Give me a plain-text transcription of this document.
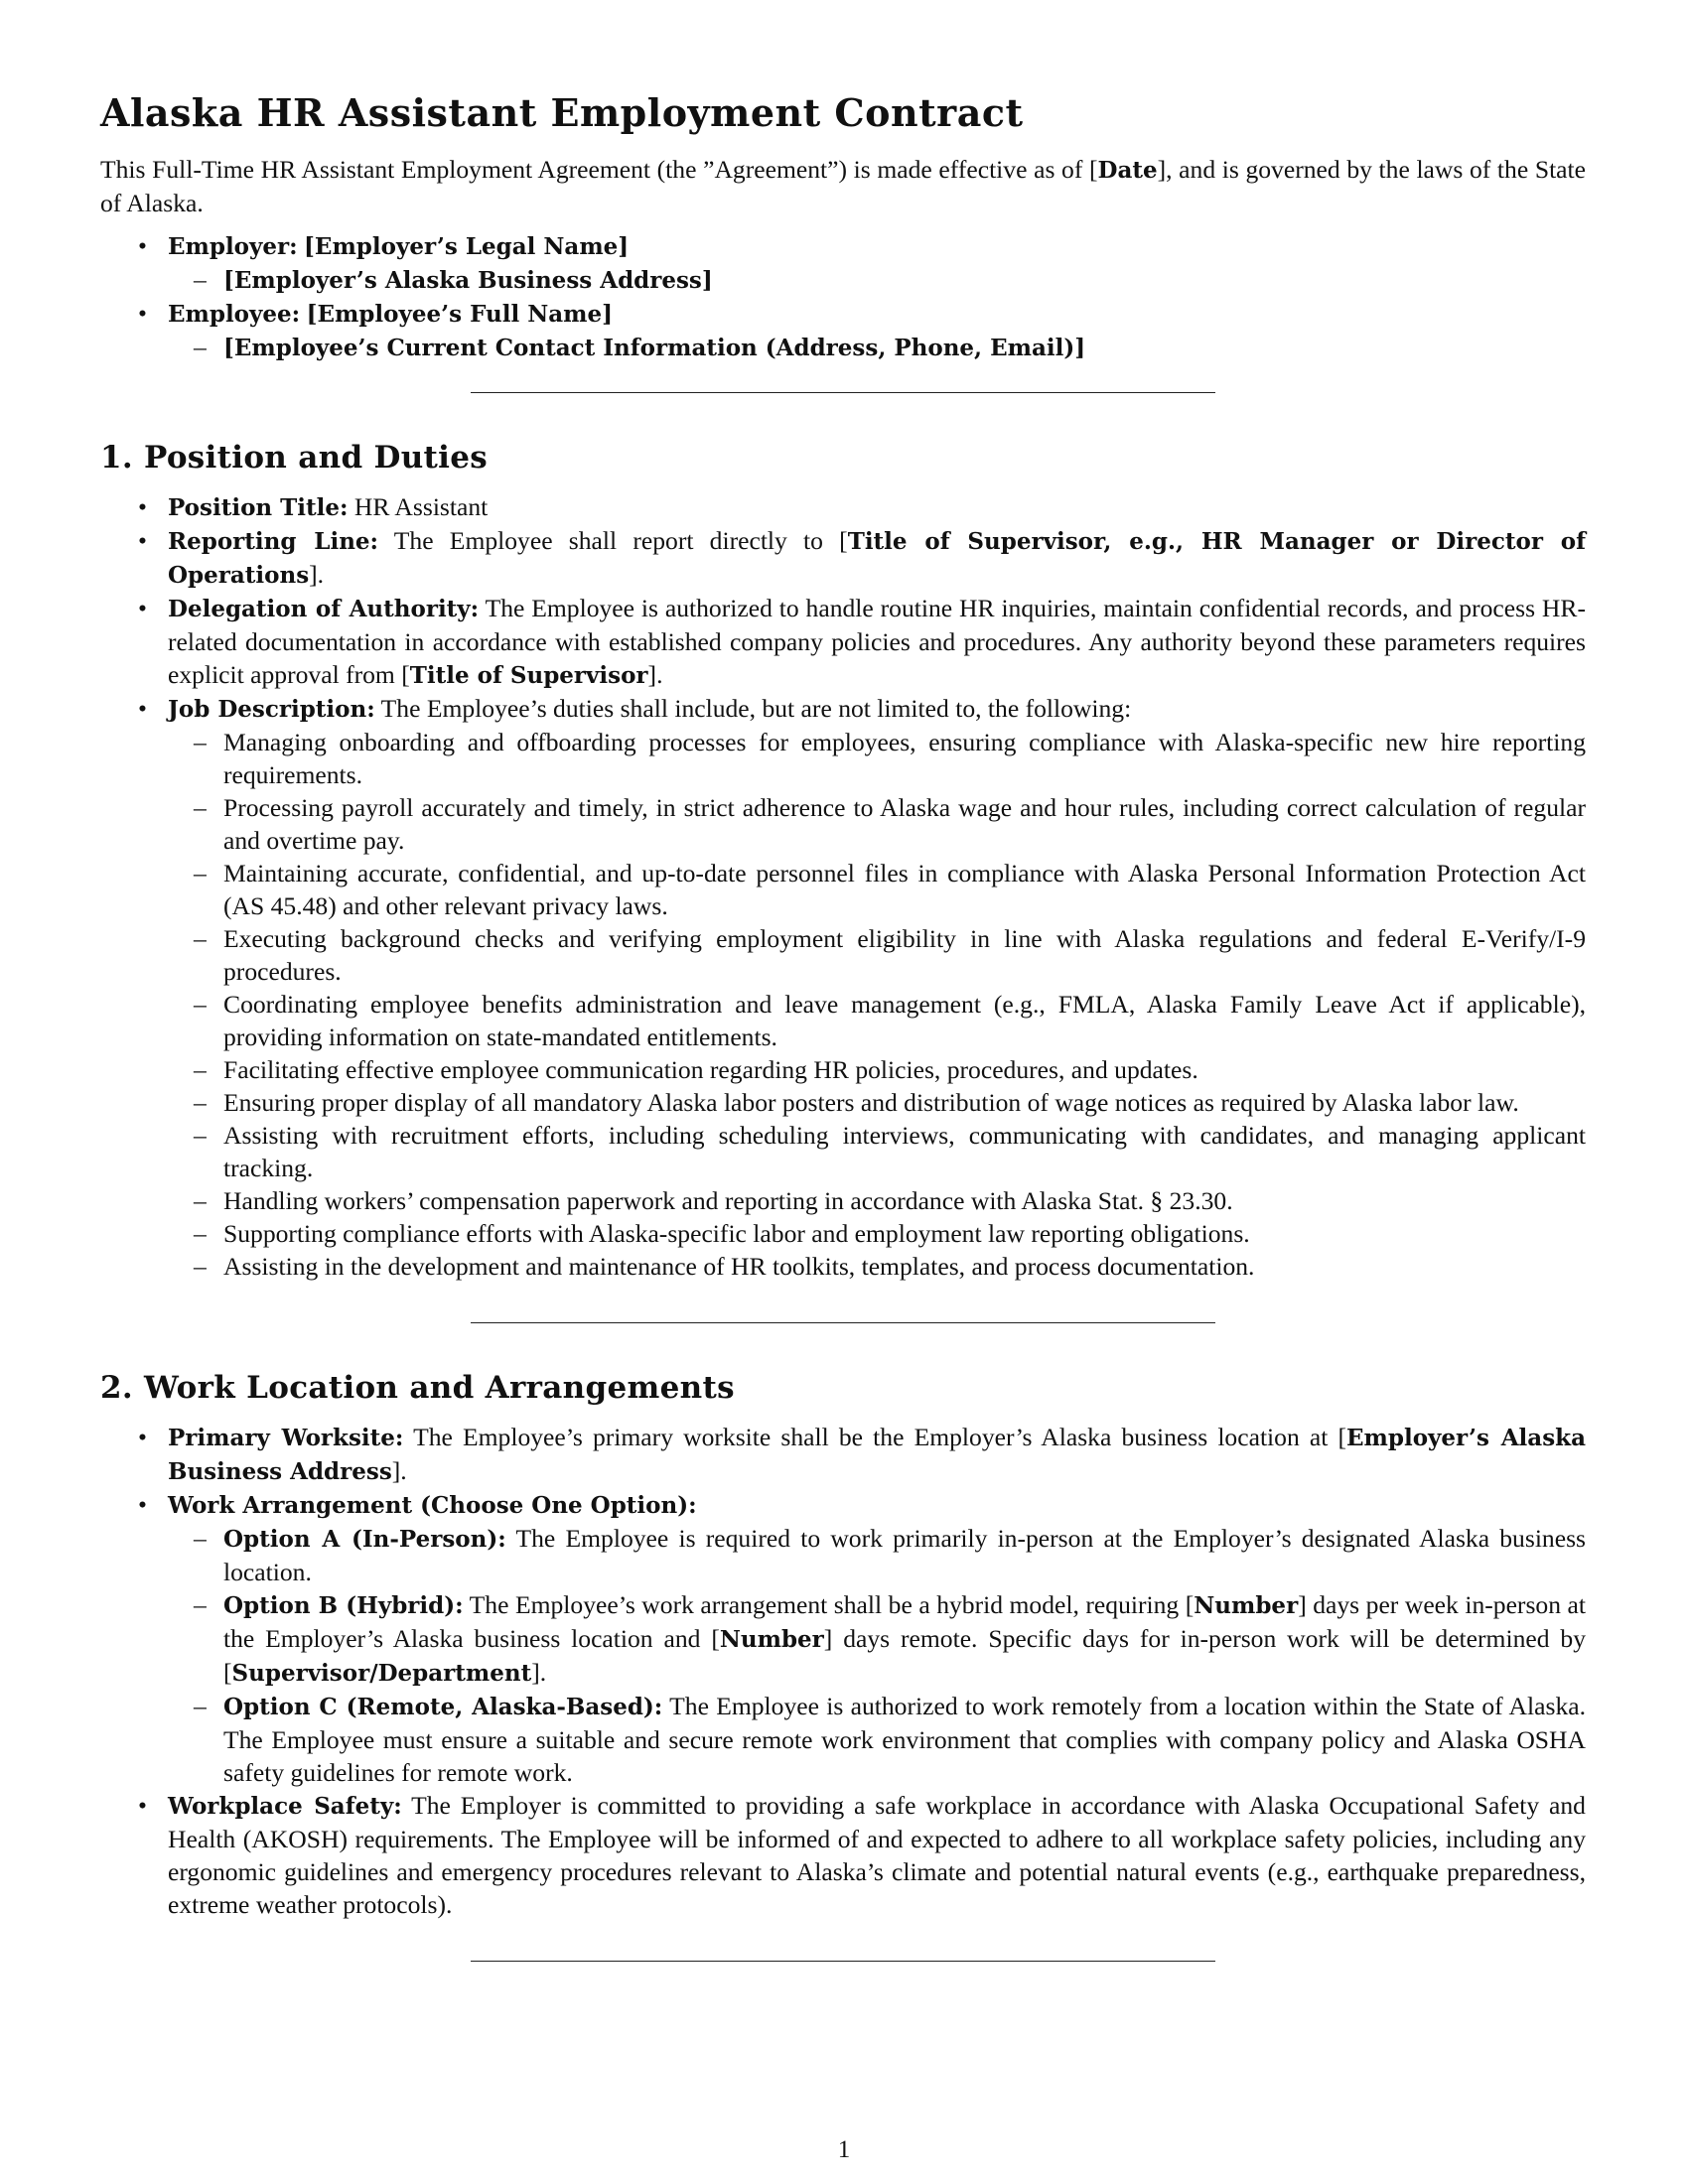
Alaska HR Assistant Employment Contract

This Full-Time HR Assistant Employment Agreement (the ”Agreement”) is made effective as of [Date], and is governed by the laws of the State of Alaska.

• Employer: [Employer’s Legal Name]
– [Employer’s Alaska Business Address]
• Employee: [Employee’s Full Name]
– [Employee’s Current Contact Information (Address, Phone, Email)]
1. Position and Duties
• Position Title: HR Assistant
• Reporting Line: The Employee shall report directly to [Title of Supervisor, e.g., HR Manager or Director of Operations].
• Delegation of Authority: The Employee is authorized to handle routine HR inquiries, maintain confidential records, and process HR-related documentation in accordance with established company policies and procedures. Any authority beyond these parameters requires explicit approval from [Title of Supervisor].
• Job Description: The Employee’s duties shall include, but are not limited to, the following:
– Managing onboarding and offboarding processes for employees, ensuring compliance with Alaska-specific new hire reporting requirements.
– Processing payroll accurately and timely, in strict adherence to Alaska wage and hour rules, including correct calculation of regular and overtime pay.
– Maintaining accurate, confidential, and up-to-date personnel files in compliance with Alaska Personal Information Protection Act (AS 45.48) and other relevant privacy laws.
– Executing background checks and verifying employment eligibility in line with Alaska regulations and federal E-Verify/I-9 procedures.
– Coordinating employee benefits administration and leave management (e.g., FMLA, Alaska Family Leave Act if applicable), providing information on state-mandated entitlements.
– Facilitating effective employee communication regarding HR policies, procedures, and updates.
– Ensuring proper display of all mandatory Alaska labor posters and distribution of wage notices as required by Alaska labor law.
– Assisting with recruitment efforts, including scheduling interviews, communicating with candidates, and managing applicant tracking.
– Handling workers’ compensation paperwork and reporting in accordance with Alaska Stat. § 23.30.
– Supporting compliance efforts with Alaska-specific labor and employment law reporting obligations.
– Assisting in the development and maintenance of HR toolkits, templates, and process documentation.
2. Work Location and Arrangements
• Primary Worksite: The Employee’s primary worksite shall be the Employer’s Alaska business location at [Employer’s Alaska Business Address].
• Work Arrangement (Choose One Option):
– Option A (In-Person): The Employee is required to work primarily in-person at the Employer’s designated Alaska business location.
– Option B (Hybrid): The Employee’s work arrangement shall be a hybrid model, requiring [Number] days per week in-person at the Employer’s Alaska business location and [Number] days remote. Specific days for in-person work will be determined by [Supervisor/Department].
– Option C (Remote, Alaska-Based): The Employee is authorized to work remotely from a location within the State of Alaska. The Employee must ensure a suitable and secure remote work environment that complies with company policy and Alaska OSHA safety guidelines for remote work.
• Workplace Safety: The Employer is committed to providing a safe workplace in accordance with Alaska Occupational Safety and Health (AKOSH) requirements. The Employee will be informed of and expected to adhere to all workplace safety policies, including any ergonomic guidelines and emergency procedures relevant to Alaska’s climate and potential natural events (e.g., earthquake preparedness, extreme weather protocols).
1
